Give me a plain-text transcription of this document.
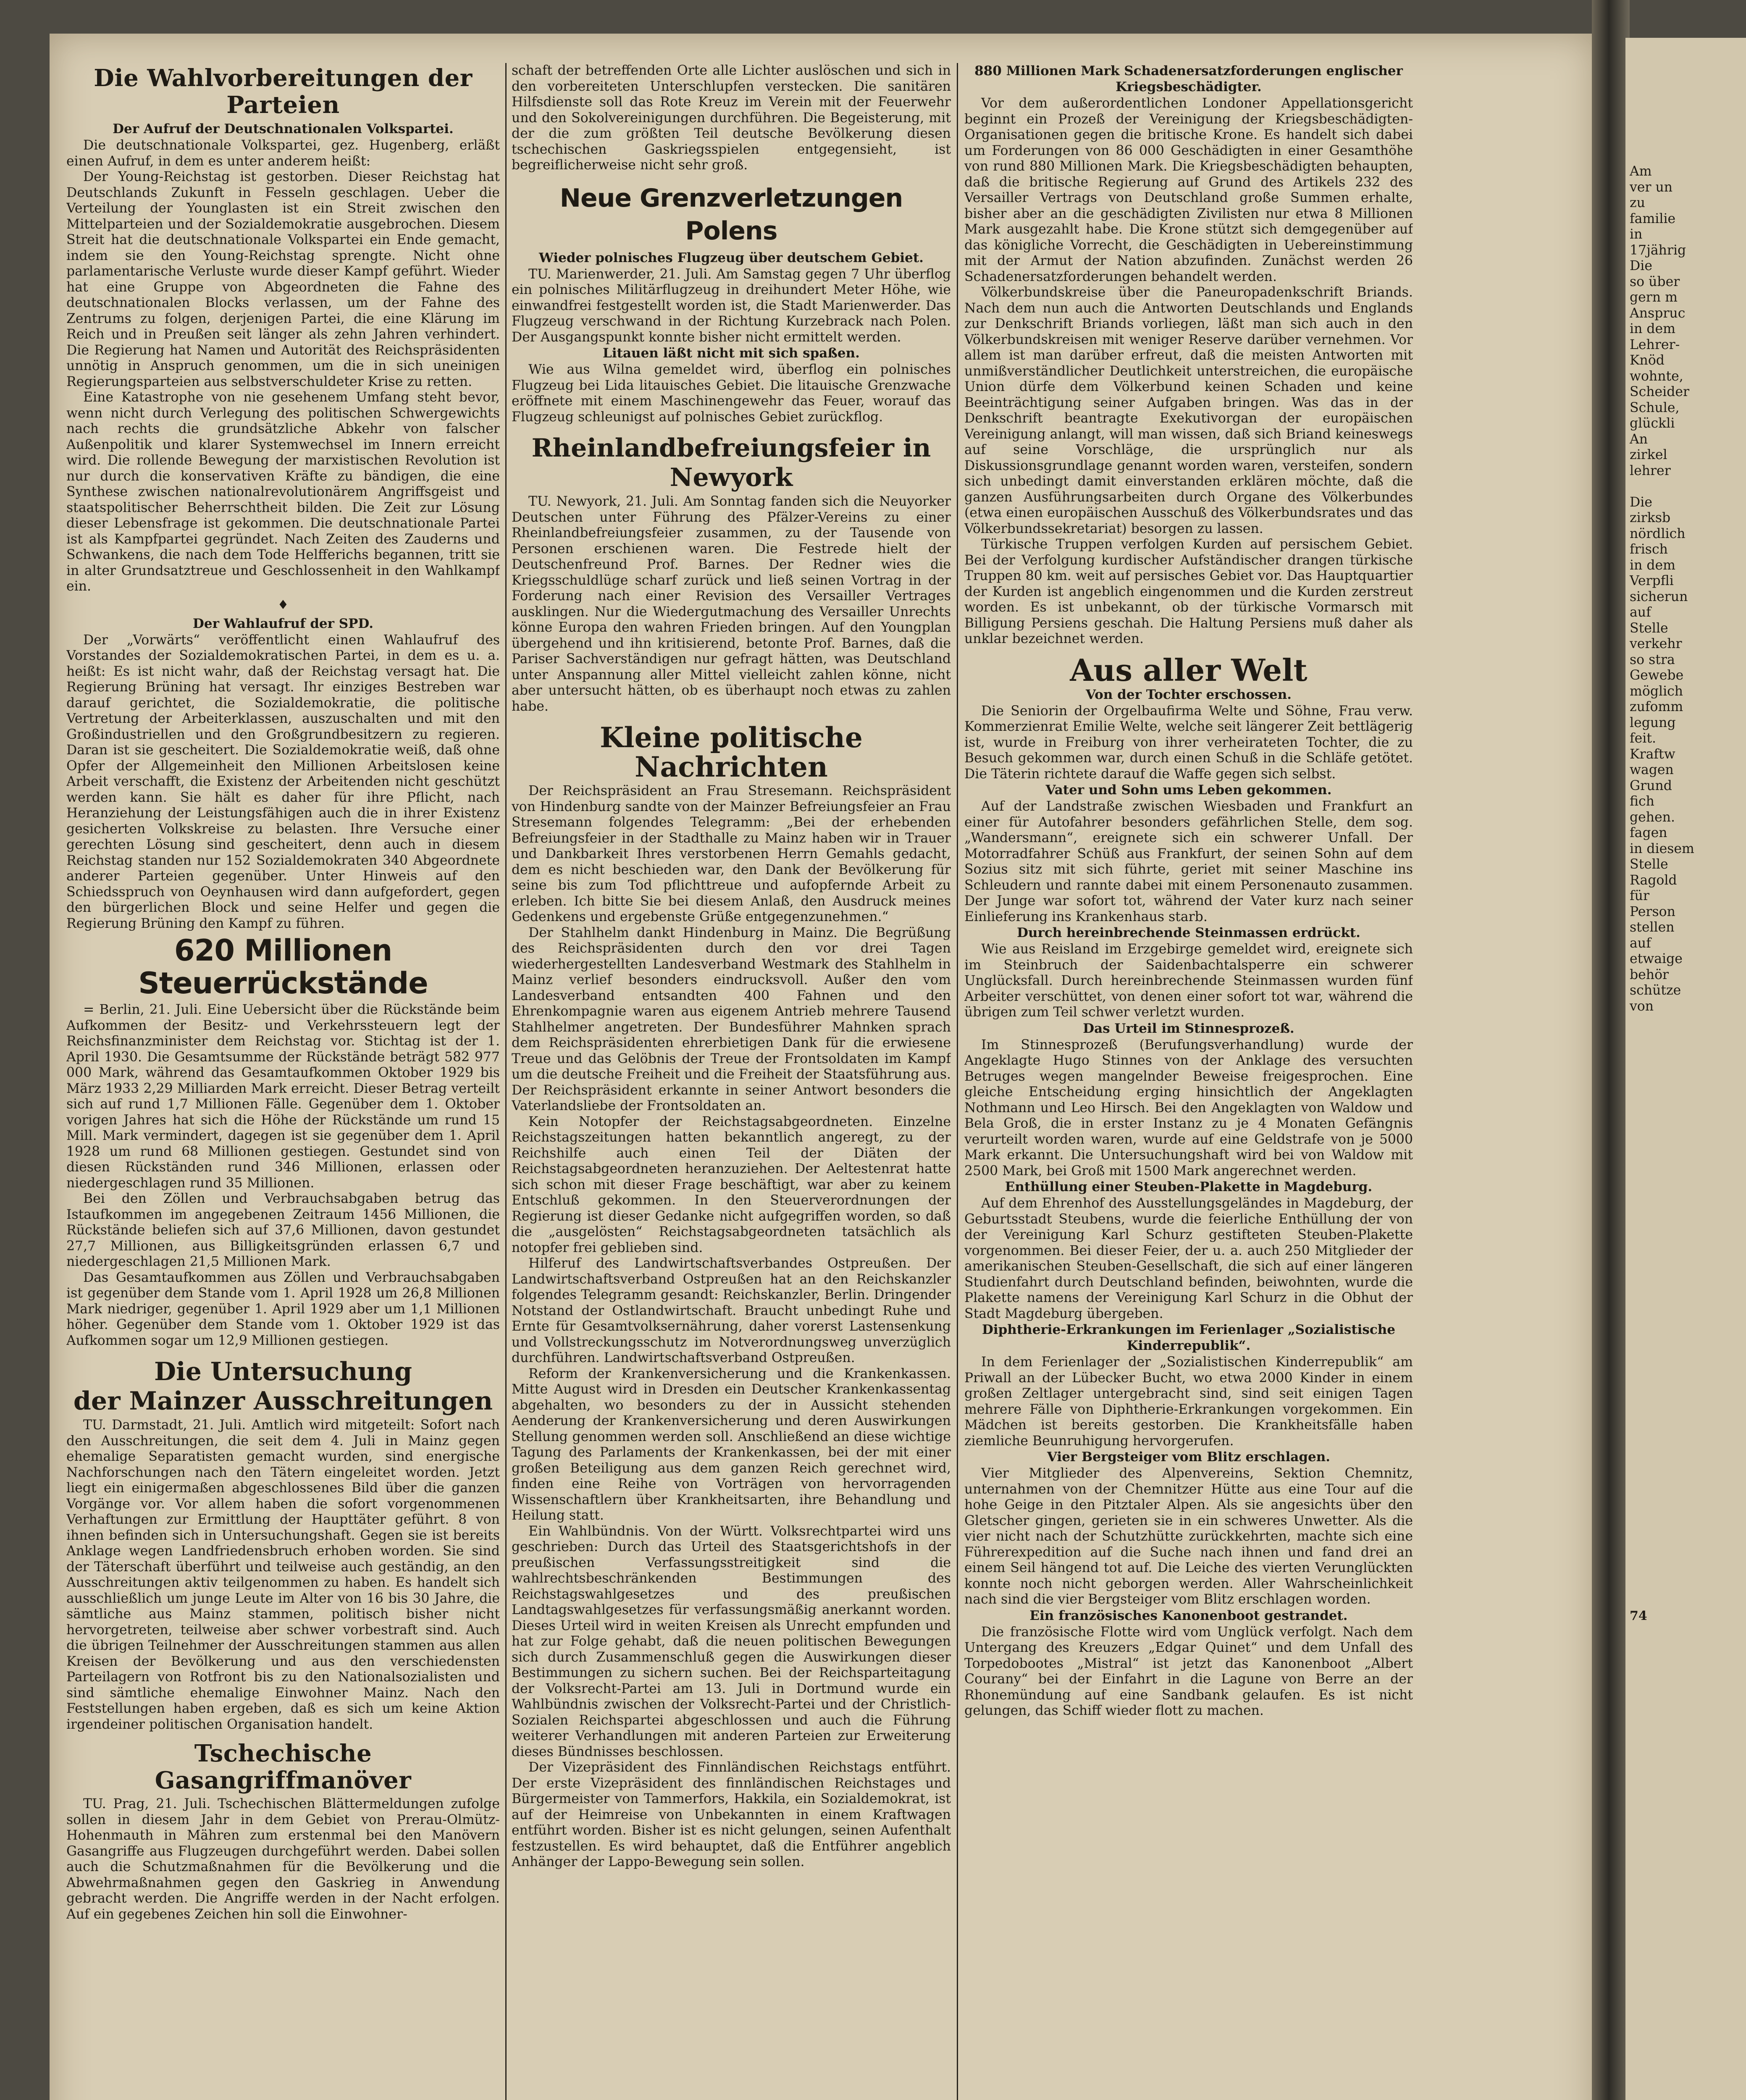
Die Wahlvorbereitungen der Parteien

Der Aufruf der Deutschnationalen Volkspartei.

Die deutschnationale Volkspartei, gez. Hugenberg, erläßt einen Aufruf, in dem es unter anderem heißt:

Der Young-Reichstag ist gestorben. Dieser Reichstag hat Deutschlands Zukunft in Fesseln geschlagen. Ueber die Verteilung der Younglasten ist ein Streit zwischen den Mittelparteien und der Sozialdemokratie ausgebrochen. Diesem Streit hat die deutschnationale Volkspartei ein Ende gemacht, indem sie den Young-Reichstag sprengte. Nicht ohne parlamentarische Verluste wurde dieser Kampf geführt. Wieder hat eine Gruppe von Abgeordneten die Fahne des deutschnationalen Blocks verlassen, um der Fahne des Zentrums zu folgen, derjenigen Partei, die eine Klärung im Reich und in Preußen seit länger als zehn Jahren verhindert. Die Regierung hat Namen und Autorität des Reichspräsidenten unnötig in Anspruch genommen, um die in sich uneinigen Regierungsparteien aus selbstverschuldeter Krise zu retten.

Eine Katastrophe von nie gesehenem Umfang steht bevor, wenn nicht durch Verlegung des politischen Schwergewichts nach rechts die grundsätzliche Abkehr von falscher Außenpolitik und klarer Systemwechsel im Innern erreicht wird. Die rollende Bewegung der marxistischen Revolution ist nur durch die konservativen Kräfte zu bändigen, die eine Synthese zwischen nationalrevolutionärem Angriffsgeist und staatspolitischer Beherrschtheit bilden. Die Zeit zur Lösung dieser Lebensfrage ist gekommen. Die deutschnationale Partei ist als Kampfpartei gegründet. Nach Zeiten des Zauderns und Schwankens, die nach dem Tode Helfferichs begannen, tritt sie in alter Grundsatztreue und Geschlossenheit in den Wahlkampf ein.

♦

Der Wahlaufruf der SPD.

Der „Vorwärts“ veröffentlicht einen Wahlaufruf des Vorstandes der Sozialdemokratischen Partei, in dem es u. a. heißt: Es ist nicht wahr, daß der Reichstag versagt hat. Die Regierung Brüning hat versagt. Ihr einziges Bestreben war darauf gerichtet, die Sozialdemokratie, die politische Vertretung der Arbeiterklassen, auszuschalten und mit den Großindustriellen und den Großgrundbesitzern zu regieren. Daran ist sie gescheitert. Die Sozialdemokratie weiß, daß ohne Opfer der Allgemeinheit den Millionen Arbeitslosen keine Arbeit verschafft, die Existenz der Arbeitenden nicht geschützt werden kann. Sie hält es daher für ihre Pflicht, nach Heranziehung der Leistungsfähigen auch die in ihrer Existenz gesicherten Volkskreise zu belasten. Ihre Versuche einer gerechten Lösung sind gescheitert, denn auch in diesem Reichstag standen nur 152 Sozialdemokraten 340 Abgeordnete anderer Parteien gegenüber. Unter Hinweis auf den Schiedsspruch von Oeynhausen wird dann aufgefordert, gegen den bürgerlichen Block und seine Helfer und gegen die Regierung Brüning den Kampf zu führen.

620 Millionen Steuerrückstände

= Berlin, 21. Juli. Eine Uebersicht über die Rückstände beim Aufkommen der Besitz- und Verkehrssteuern legt der Reichsfinanzminister dem Reichstag vor. Stichtag ist der 1. April 1930. Die Gesamtsumme der Rückstände beträgt 582 977 000 Mark, während das Gesamtaufkommen Oktober 1929 bis März 1933 2,29 Milliarden Mark erreicht. Dieser Betrag verteilt sich auf rund 1,7 Millionen Fälle. Gegenüber dem 1. Oktober vorigen Jahres hat sich die Höhe der Rückstände um rund 15 Mill. Mark vermindert, dagegen ist sie gegenüber dem 1. April 1928 um rund 68 Millionen gestiegen. Gestundet sind von diesen Rückständen rund 346 Millionen, erlassen oder niedergeschlagen rund 35 Millionen.

Bei den Zöllen und Verbrauchsabgaben betrug das Istaufkommen im angegebenen Zeitraum 1456 Millionen, die Rückstände beliefen sich auf 37,6 Millionen, davon gestundet 27,7 Millionen, aus Billigkeitsgründen erlassen 6,7 und niedergeschlagen 21,5 Millionen Mark.

Das Gesamtaufkommen aus Zöllen und Verbrauchsabgaben ist gegenüber dem Stande vom 1. April 1928 um 26,8 Millionen Mark niedriger, gegenüber 1. April 1929 aber um 1,1 Millionen höher. Gegenüber dem Stande vom 1. Oktober 1929 ist das Aufkommen sogar um 12,9 Millionen gestiegen.

Die Untersuchung

der Mainzer Ausschreitungen

TU. Darmstadt, 21. Juli. Amtlich wird mitgeteilt: Sofort nach den Ausschreitungen, die seit dem 4. Juli in Mainz gegen ehemalige Separatisten gemacht wurden, sind energische Nachforschungen nach den Tätern eingeleitet worden. Jetzt liegt ein einigermaßen abgeschlossenes Bild über die ganzen Vorgänge vor. Vor allem haben die sofort vorgenommenen Verhaftungen zur Ermittlung der Haupttäter geführt. 8 von ihnen befinden sich in Untersuchungshaft. Gegen sie ist bereits Anklage wegen Landfriedensbruch erhoben worden. Sie sind der Täterschaft überführt und teilweise auch geständig, an den Ausschreitungen aktiv teilgenommen zu haben. Es handelt sich ausschließlich um junge Leute im Alter von 16 bis 30 Jahre, die sämtliche aus Mainz stammen, politisch bisher nicht hervorgetreten, teilweise aber schwer vorbestraft sind. Auch die übrigen Teilnehmer der Ausschreitungen stammen aus allen Kreisen der Bevölkerung und aus den verschiedensten Parteilagern von Rotfront bis zu den Nationalsozialisten und sind sämtliche ehemalige Einwohner Mainz. Nach den Feststellungen haben ergeben, daß es sich um keine Aktion irgendeiner politischen Organisation handelt.

Tschechische Gasangriffmanöver

TU. Prag, 21. Juli. Tschechischen Blättermeldungen zufolge sollen in diesem Jahr in dem Gebiet von Prerau-Olmütz-Hohenmauth in Mähren zum erstenmal bei den Manövern Gasangriffe aus Flugzeugen durchgeführt werden. Dabei sollen auch die Schutzmaßnahmen für die Bevölkerung und die Abwehrmaßnahmen gegen den Gaskrieg in Anwendung gebracht werden. Die Angriffe werden in der Nacht erfolgen. Auf ein gegebenes Zeichen hin soll die Einwohner-

schaft der betreffenden Orte alle Lichter auslöschen und sich in den vorbereiteten Unterschlupfen verstecken. Die sanitären Hilfsdienste soll das Rote Kreuz im Verein mit der Feuerwehr und den Sokolvereinigungen durchführen. Die Begeisterung, mit der die zum größten Teil deutsche Bevölkerung diesen tschechischen Gaskriegsspielen entgegensieht, ist begreiflicherweise nicht sehr groß.

Neue Grenzverletzungen Polens

Wieder polnisches Flugzeug über deutschem Gebiet.

TU. Marienwerder, 21. Juli. Am Samstag gegen 7 Uhr überflog ein polnisches Militärflugzeug in dreihundert Meter Höhe, wie einwandfrei festgestellt worden ist, die Stadt Marienwerder. Das Flugzeug verschwand in der Richtung Kurzebrack nach Polen. Der Ausgangspunkt konnte bisher nicht ermittelt werden.

Litauen läßt nicht mit sich spaßen.

Wie aus Wilna gemeldet wird, überflog ein polnisches Flugzeug bei Lida litauisches Gebiet. Die litauische Grenzwache eröffnete mit einem Maschinengewehr das Feuer, worauf das Flugzeug schleunigst auf polnisches Gebiet zurückflog.

Rheinlandbefreiungsfeier in Newyork

TU. Newyork, 21. Juli. Am Sonntag fanden sich die Neuyorker Deutschen unter Führung des Pfälzer-Vereins zu einer Rheinlandbefreiungsfeier zusammen, zu der Tausende von Personen erschienen waren. Die Festrede hielt der Deutschenfreund Prof. Barnes. Der Redner wies die Kriegsschuldlüge scharf zurück und ließ seinen Vortrag in der Forderung nach einer Revision des Versailler Vertrages ausklingen. Nur die Wiedergutmachung des Versailler Unrechts könne Europa den wahren Frieden bringen. Auf den Youngplan übergehend und ihn kritisierend, betonte Prof. Barnes, daß die Pariser Sachverständigen nur gefragt hätten, was Deutschland unter Anspannung aller Mittel vielleicht zahlen könne, nicht aber untersucht hätten, ob es überhaupt noch etwas zu zahlen habe.

Kleine politische Nachrichten

Der Reichspräsident an Frau Stresemann. Reichspräsident von Hindenburg sandte von der Mainzer Befreiungsfeier an Frau Stresemann folgendes Telegramm: „Bei der erhebenden Befreiungsfeier in der Stadthalle zu Mainz haben wir in Trauer und Dankbarkeit Ihres verstorbenen Herrn Gemahls gedacht, dem es nicht beschieden war, den Dank der Bevölkerung für seine bis zum Tod pflichttreue und aufopfernde Arbeit zu erleben. Ich bitte Sie bei diesem Anlaß, den Ausdruck meines Gedenkens und ergebenste Grüße entgegenzunehmen.“

Der Stahlhelm dankt Hindenburg in Mainz. Die Begrüßung des Reichspräsidenten durch den vor drei Tagen wiederhergestellten Landesverband Westmark des Stahlhelm in Mainz verlief besonders eindrucksvoll. Außer den vom Landesverband entsandten 400 Fahnen und den Ehrenkompagnie waren aus eigenem Antrieb mehrere Tausend Stahlhelmer angetreten. Der Bundesführer Mahnken sprach dem Reichspräsidenten ehrerbietigen Dank für die erwiesene Treue und das Gelöbnis der Treue der Frontsoldaten im Kampf um die deutsche Freiheit und die Freiheit der Staatsführung aus. Der Reichspräsident erkannte in seiner Antwort besonders die Vaterlandsliebe der Frontsoldaten an.

Kein Notopfer der Reichstagsabgeordneten. Einzelne Reichstagszeitungen hatten bekanntlich angeregt, zu der Reichshilfe auch einen Teil der Diäten der Reichstagsabgeordneten heranzuziehen. Der Aeltestenrat hatte sich schon mit dieser Frage beschäftigt, war aber zu keinem Entschluß gekommen. In den Steuerverordnungen der Regierung ist dieser Gedanke nicht aufgegriffen worden, so daß die „ausgelösten“ Reichstagsabgeordneten tatsächlich als notopfer frei geblieben sind.

Hilferuf des Landwirtschaftsverbandes Ostpreußen. Der Landwirtschaftsverband Ostpreußen hat an den Reichskanzler folgendes Telegramm gesandt: Reichskanzler, Berlin. Dringender Notstand der Ostlandwirtschaft. Braucht unbedingt Ruhe und Ernte für Gesamtvolksernährung, daher vorerst Lastensenkung und Vollstreckungsschutz im Notverordnungsweg unverzüglich durchführen. Landwirtschaftsverband Ostpreußen.

Reform der Krankenversicherung und die Krankenkassen. Mitte August wird in Dresden ein Deutscher Krankenkassentag abgehalten, wo besonders zu der in Aussicht stehenden Aenderung der Krankenversicherung und deren Auswirkungen Stellung genommen werden soll. Anschließend an diese wichtige Tagung des Parlaments der Krankenkassen, bei der mit einer großen Beteiligung aus dem ganzen Reich gerechnet wird, finden eine Reihe von Vorträgen von hervorragenden Wissenschaftlern über Krankheitsarten, ihre Behandlung und Heilung statt.

Ein Wahlbündnis. Von der Württ. Volksrechtpartei wird uns geschrieben: Durch das Urteil des Staatsgerichtshofs in der preußischen Verfassungsstreitigkeit sind die wahlrechtsbeschränkenden Bestimmungen des Reichstagswahlgesetzes und des preußischen Landtagswahlgesetzes für verfassungsmäßig anerkannt worden. Dieses Urteil wird in weiten Kreisen als Unrecht empfunden und hat zur Folge gehabt, daß die neuen politischen Bewegungen sich durch Zusammenschluß gegen die Auswirkungen dieser Bestimmungen zu sichern suchen. Bei der Reichsparteitagung der Volksrecht-Partei am 13. Juli in Dortmund wurde ein Wahlbündnis zwischen der Volksrecht-Partei und der Christlich-Sozialen Reichspartei abgeschlossen und auch die Führung weiterer Verhandlungen mit anderen Parteien zur Erweiterung dieses Bündnisses beschlossen.

Der Vizepräsident des Finnländischen Reichstags entführt. Der erste Vizepräsident des finnländischen Reichstages und Bürgermeister von Tammerfors, Hakkila, ein Sozialdemokrat, ist auf der Heimreise von Unbekannten in einem Kraftwagen entführt worden. Bisher ist es nicht gelungen, seinen Aufenthalt festzustellen. Es wird behauptet, daß die Entführer angeblich Anhänger der Lappo-Bewegung sein sollen.

880 Millionen Mark Schadenersatzforderungen englischer Kriegsbeschädigter.

Vor dem außerordentlichen Londoner Appellationsgericht beginnt ein Prozeß der Vereinigung der Kriegsbeschädigten-Organisationen gegen die britische Krone. Es handelt sich dabei um Forderungen von 86 000 Geschädigten in einer Gesamthöhe von rund 880 Millionen Mark. Die Kriegsbeschädigten behaupten, daß die britische Regierung auf Grund des Artikels 232 des Versailler Vertrags von Deutschland große Summen erhalte, bisher aber an die geschädigten Zivilisten nur etwa 8 Millionen Mark ausgezahlt habe. Die Krone stützt sich demgegenüber auf das königliche Vorrecht, die Geschädigten in Uebereinstimmung mit der Armut der Nation abzufinden. Zunächst werden 26 Schadenersatzforderungen behandelt werden.

Völkerbundskreise über die Paneuropadenkschrift Briands. Nach dem nun auch die Antworten Deutschlands und Englands zur Denkschrift Briands vorliegen, läßt man sich auch in den Völkerbundskreisen mit weniger Reserve darüber vernehmen. Vor allem ist man darüber erfreut, daß die meisten Antworten mit unmißverständlicher Deutlichkeit unterstreichen, die europäische Union dürfe dem Völkerbund keinen Schaden und keine Beeinträchtigung seiner Aufgaben bringen. Was das in der Denkschrift beantragte Exekutivorgan der europäischen Vereinigung anlangt, will man wissen, daß sich Briand keineswegs auf seine Vorschläge, die ursprünglich nur als Diskussionsgrundlage genannt worden waren, versteifen, sondern sich unbedingt damit einverstanden erklären möchte, daß die ganzen Ausführungsarbeiten durch Organe des Völkerbundes (etwa einen europäischen Ausschuß des Völkerbundsrates und das Völkerbundssekretariat) besorgen zu lassen.

Türkische Truppen verfolgen Kurden auf persischem Gebiet. Bei der Verfolgung kurdischer Aufständischer drangen türkische Truppen 80 km. weit auf persisches Gebiet vor. Das Hauptquartier der Kurden ist angeblich eingenommen und die Kurden zerstreut worden. Es ist unbekannt, ob der türkische Vormarsch mit Billigung Persiens geschah. Die Haltung Persiens muß daher als unklar bezeichnet werden.

Aus aller Welt

Von der Tochter erschossen.

Die Seniorin der Orgelbaufirma Welte und Söhne, Frau verw. Kommerzienrat Emilie Welte, welche seit längerer Zeit bettlägerig ist, wurde in Freiburg von ihrer verheirateten Tochter, die zu Besuch gekommen war, durch einen Schuß in die Schläfe getötet. Die Täterin richtete darauf die Waffe gegen sich selbst.

Vater und Sohn ums Leben gekommen.

Auf der Landstraße zwischen Wiesbaden und Frankfurt an einer für Autofahrer besonders gefährlichen Stelle, dem sog. „Wandersmann“, ereignete sich ein schwerer Unfall. Der Motorradfahrer Schüß aus Frankfurt, der seinen Sohn auf dem Sozius sitz mit sich führte, geriet mit seiner Maschine ins Schleudern und rannte dabei mit einem Personenauto zusammen. Der Junge war sofort tot, während der Vater kurz nach seiner Einlieferung ins Krankenhaus starb.

Durch hereinbrechende Steinmassen erdrückt.

Wie aus Reisland im Erzgebirge gemeldet wird, ereignete sich im Steinbruch der Saidenbachtalsperre ein schwerer Unglücksfall. Durch hereinbrechende Steinmassen wurden fünf Arbeiter verschüttet, von denen einer sofort tot war, während die übrigen zum Teil schwer verletzt wurden.

Das Urteil im Stinnesprozeß.

Im Stinnesprozeß (Berufungsverhandlung) wurde der Angeklagte Hugo Stinnes von der Anklage des versuchten Betruges wegen mangelnder Beweise freigesprochen. Eine gleiche Entscheidung erging hinsichtlich der Angeklagten Nothmann und Leo Hirsch. Bei den Angeklagten von Waldow und Bela Groß, die in erster Instanz zu je 4 Monaten Gefängnis verurteilt worden waren, wurde auf eine Geldstrafe von je 5000 Mark erkannt. Die Untersuchungshaft wird bei von Waldow mit 2500 Mark, bei Groß mit 1500 Mark angerechnet werden.

Enthüllung einer Steuben-Plakette in Magdeburg.

Auf dem Ehrenhof des Ausstellungsgeländes in Magdeburg, der Geburtsstadt Steubens, wurde die feierliche Enthüllung der von der Vereinigung Karl Schurz gestifteten Steuben-Plakette vorgenommen. Bei dieser Feier, der u. a. auch 250 Mitglieder der amerikanischen Steuben-Gesellschaft, die sich auf einer längeren Studienfahrt durch Deutschland befinden, beiwohnten, wurde die Plakette namens der Vereinigung Karl Schurz in die Obhut der Stadt Magdeburg übergeben.

Diphtherie-Erkrankungen im Ferienlager „Sozialistische

Kinderrepublik“.

In dem Ferienlager der „Sozialistischen Kinderrepublik“ am Priwall an der Lübecker Bucht, wo etwa 2000 Kinder in einem großen Zeltlager untergebracht sind, sind seit einigen Tagen mehrere Fälle von Diphtherie-Erkrankungen vorgekommen. Ein Mädchen ist bereits gestorben. Die Krankheitsfälle haben ziemliche Beunruhigung hervorgerufen.

Vier Bergsteiger vom Blitz erschlagen.

Vier Mitglieder des Alpenvereins, Sektion Chemnitz, unternahmen von der Chemnitzer Hütte aus eine Tour auf die hohe Geige in den Pitztaler Alpen. Als sie angesichts über den Gletscher gingen, gerieten sie in ein schweres Unwetter. Als die vier nicht nach der Schutzhütte zurückkehrten, machte sich eine Führerexpedition auf die Suche nach ihnen und fand drei an einem Seil hängend tot auf. Die Leiche des vierten Verunglückten konnte noch nicht geborgen werden. Aller Wahrscheinlichkeit nach sind die vier Bergsteiger vom Blitz erschlagen worden.

Ein französisches Kanonenboot gestrandet.

Die französische Flotte wird vom Unglück verfolgt. Nach dem Untergang des Kreuzers „Edgar Quinet“ und dem Unfall des Torpedobootes „Mistral“ ist jetzt das Kanonenboot „Albert Courany“ bei der Einfahrt in die Lagune von Berre an der Rhonemündung auf eine Sandbank gelaufen. Es ist nicht gelungen, das Schiff wieder flott zu machen.

Am
ver un
zu
familie
in
17jährig
Die
so über
gern m
Anspruc
in dem
Lehrer-
Knöd
wohnte,
Scheider
Schule,
glückli
An
zirkel
lehrer

Die
zirksb
nördlich
frisch
in dem
Verpfli
sicherun
auf
Stelle
verkehr
so stra
Gewebe
möglich
zufomm
legung
feit.
Kraftw
wagen
Grund
fich
gehen.
fagen
in diesem
Stelle
Ragold
für
Person
stellen
auf
etwaige
behör
schütze
von
74
